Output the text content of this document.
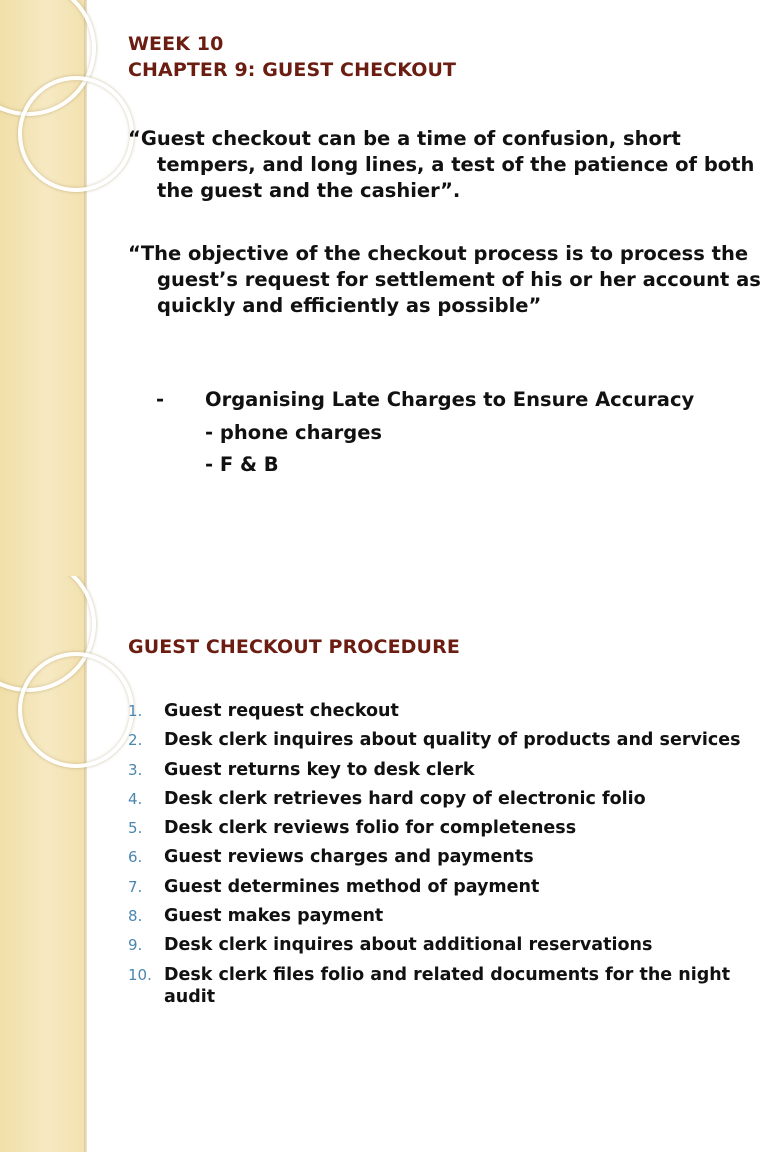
WEEK 10
CHAPTER 9: GUEST CHECKOUT

“Guest checkout can be a time of confusion, short tempers, and long lines, a test of the patience of both the guest and the cashier”.

“The objective of the checkout process is to process the guest’s request for settlement of his or her account as quickly and efficiently as possible”

- Organising Late Charges to Ensure Accuracy
- phone charges
- F & B
GUEST CHECKOUT PROCEDURE
1.	Guest request checkout
2.	Desk clerk inquires about quality of products and services
3.	Guest returns key to desk clerk
4.	Desk clerk retrieves hard copy of electronic folio
5.	Desk clerk reviews folio for completeness
6.	Guest reviews charges and payments
7.	Guest determines method of payment
8.	Guest makes payment
9.	Desk clerk inquires about additional reservations
10. Desk clerk files folio and related documents for the night audit
